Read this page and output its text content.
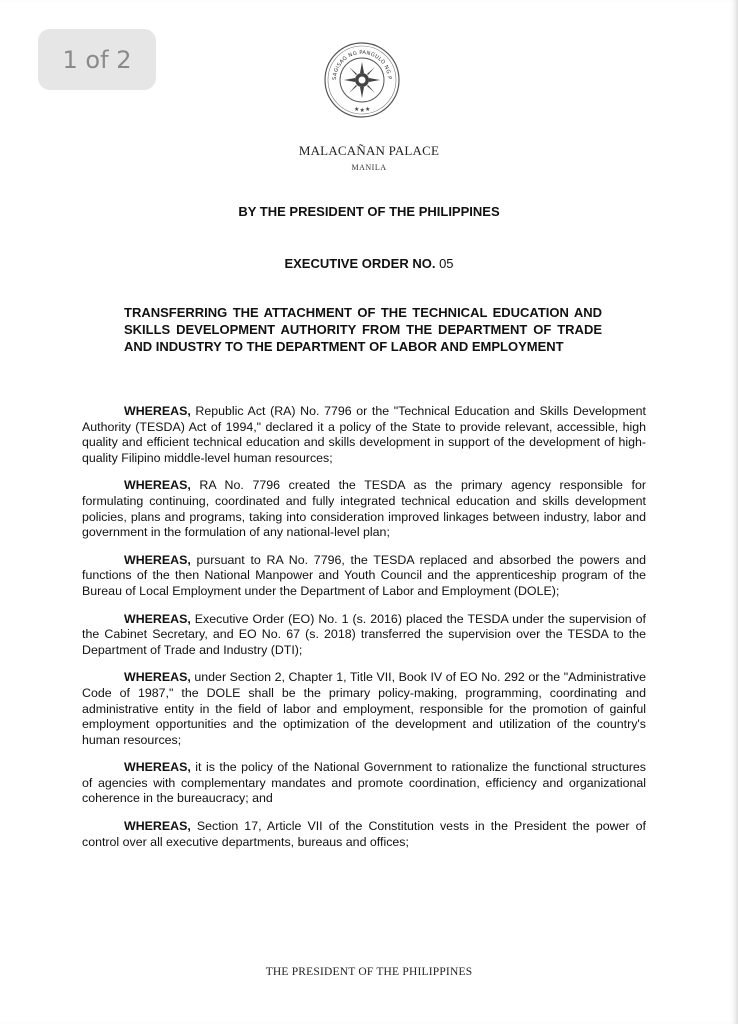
1 of 2
SAGISAG NG PANGULO NG P
★ ★ ★
MALACAÑAN PALACE
MANILA
BY THE PRESIDENT OF THE PHILIPPINES
EXECUTIVE ORDER NO. 05
TRANSFERRING THE ATTACHMENT OF THE TECHNICAL EDUCATION AND SKILLS DEVELOPMENT AUTHORITY FROM THE DEPARTMENT OF TRADE AND INDUSTRY TO THE DEPARTMENT OF LABOR AND EMPLOYMENT

WHEREAS, Republic Act (RA) No. 7796 or the "Technical Education and Skills Development Authority (TESDA) Act of 1994," declared it a policy of the State to provide relevant, accessible, high quality and efficient technical education and skills development in support of the development of high-quality Filipino middle-level human resources;

WHEREAS, RA No. 7796 created the TESDA as the primary agency responsible for formulating continuing, coordinated and fully integrated technical education and skills development policies, plans and programs, taking into consideration improved linkages between industry, labor and government in the formulation of any national-level plan;

WHEREAS, pursuant to RA No. 7796, the TESDA replaced and absorbed the powers and functions of the then National Manpower and Youth Council and the apprenticeship program of the Bureau of Local Employment under the Department of Labor and Employment (DOLE);

WHEREAS, Executive Order (EO) No. 1 (s. 2016) placed the TESDA under the supervision of the Cabinet Secretary, and EO No. 67 (s. 2018) transferred the supervision over the TESDA to the Department of Trade and Industry (DTI);

WHEREAS, under Section 2, Chapter 1, Title VII, Book IV of EO No. 292 or the "Administrative Code of 1987," the DOLE shall be the primary policy-making, programming, coordinating and administrative entity in the field of labor and employment, responsible for the promotion of gainful employment opportunities and the optimization of the development and utilization of the country's human resources;

WHEREAS, it is the policy of the National Government to rationalize the functional structures of agencies with complementary mandates and promote coordination, efficiency and organizational coherence in the bureaucracy; and

WHEREAS, Section 17, Article VII of the Constitution vests in the President the power of control over all executive departments, bureaus and offices;

THE PRESIDENT OF THE PHILIPPINES
